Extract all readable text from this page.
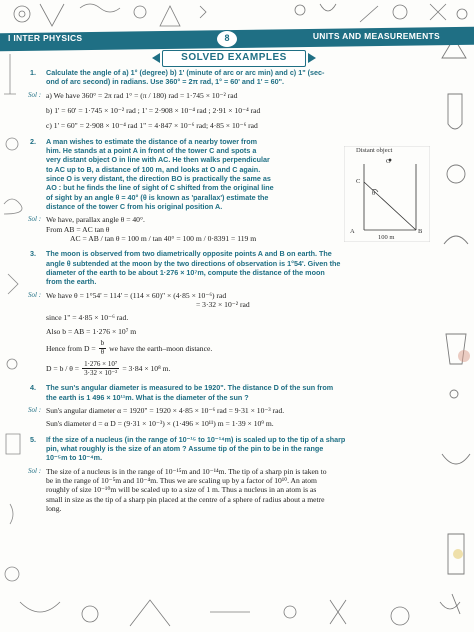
I INTER PHYSICS	8	UNITS AND MEASUREMENTS
SOLVED EXAMPLES
Distant object
O
C
θ
A	B
100 m
1. Calculate the angle of a) 1° (degree) b) 1' (minute of arc or arc min) and c) 1" (sec-
ond of arc second) in radians. Use 360° = 2π rad, 1° = 60' and 1' = 60".
Sol : a) We have 360° = 2π rad 1° = (π / 180) rad = 1·745 × 10⁻² rad
b) 1' = 60' = 1·745 × 10⁻² rad ; 1' = 2·908 × 10⁻⁴ rad ; 2·91 × 10⁻⁴ rad
c) 1' = 60" = 2·908 × 10⁻⁴ rad 1" = 4·847 × 10⁻⁶ rad; 4·85 × 10⁻⁶ rad
2. A man wishes to estimate the distance of a nearby tower from
him. He stands at a point A in front of the tower C and spots a
very distant object O in line with AC. He then walks perpendicular
to AC up to B, a distance of 100 m, and looks at O and C again.
since O is very distant, the direction BO is practically the same as
AO : but he finds the line of sight of C shifted from the original line
of sight by an angle θ = 40° (θ is known as 'parallax') estimate the
distance of the tower C from his original position A.
Sol : We have, parallax angle θ = 40°.
From AB = AC tan θ
AC = AB / tan θ = 100 m / tan 40° = 100 m / 0·8391 = 119 m
3. The moon is observed from two diametrically opposite points A and B on earth. The
angle θ subtended at the moon by the two directions of observation is 1°54'. Given the
diameter of the earth to be about 1·276 × 10⁷m, compute the distance of the moon
from the earth.
Sol : We have θ = 1°54' = 114' = (114 × 60)" × (4·85 × 10⁻⁶) rad
= 3·32 × 10⁻² rad
since 1" = 4·85 × 10⁻⁶ rad.
Also b = AB = 1·276 × 10⁷ m
Hence from $D = \frac{b}{\theta}$ we have the earth–moon distance.
$D = b / \theta = \frac{\text{1·276 × 10⁷}}{\text{3·32 × 10⁻²}} = 3\cdot 84 \times 10^8$ m.
4. The sun's angular diameter is measured to be 1920". The distance D of the sun from
the earth is 1 496 × 10¹¹m. What is the diameter of the sun ?
Sol : Sun's angular diameter α = 1920" = 1920 × 4·85 × 10⁻⁶ rad = 9·31 × 10⁻³ rad.
Sun's diameter d = α D = (9·31 × 10⁻³) × (1·496 × 10¹¹) m = 1·39 × 10⁹ m.
5. If the size of a nucleus (in the range of 10⁻¹⁵ to 10⁻¹⁴m) is scaled up to the tip of a sharp
pin, what roughly is the size of an atom ? Assume tip of the pin to be in the range
10⁻⁵m to 10⁻⁴m.
Sol : The size of a nucleus is in the range of 10⁻¹⁵m and 10⁻¹⁴m. The tip of a sharp pin is taken to
be in the range of 10⁻⁵m and 10⁻⁴m. Thus we are scaling up by a factor of 10¹⁰. An atom
roughly of size 10⁻¹⁰m will be scaled up to a size of 1 m. Thus a nucleus in an atom is as
small in size as the tip of a sharp pin placed at the centre of a sphere of radius about a metre
long.
